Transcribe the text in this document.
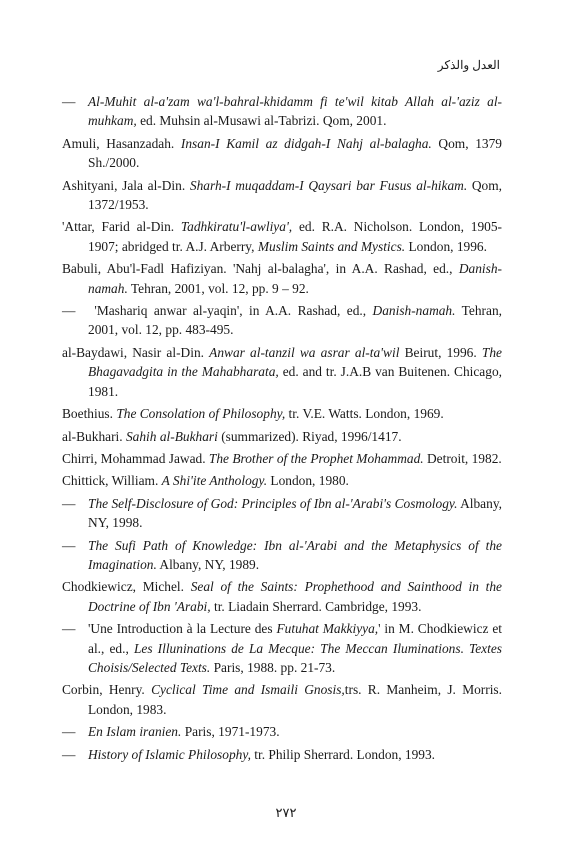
العدل والذكر

— Al-Muhit al-a'zam wa'l-bahral-khidamm fi te'wil kitab Allah al-'aziz al-muhkam, ed. Muhsin al-Musawi al-Tabrizi. Qom, 2001.

Amuli, Hasanzadah. Insan-I Kamil az didgah-I Nahj al-balagha. Qom, 1379 Sh./2000.

Ashityani, Jala al-Din. Sharh-I muqaddam-I Qaysari bar Fusus al-hikam. Qom, 1372/1953.

'Attar, Farid al-Din. Tadhkiratu'l-awliya', ed. R.A. Nicholson. London, 1905-1907; abridged tr. A.J. Arberry, Muslim Saints and Mystics. London, 1996.

Babuli, Abu'l-Fadl Hafiziyan. 'Nahj al-balagha', in A.A. Rashad, ed., Danish-namah. Tehran, 2001, vol. 12, pp. 9 – 92.

— 'Mashariq anwar al-yaqin', in A.A. Rashad, ed., Danish-namah. Tehran, 2001, vol. 12, pp. 483-495.

al-Baydawi, Nasir al-Din. Anwar al-tanzil wa asrar al-ta'wil Beirut, 1996. The Bhagavadgita in the Mahabharata, ed. and tr. J.A.B van Buitenen. Chicago, 1981.

Boethius. The Consolation of Philosophy, tr. V.E. Watts. London, 1969.

al-Bukhari. Sahih al-Bukhari (summarized). Riyad, 1996/1417.

Chirri, Mohammad Jawad. The Brother of the Prophet Mohammad. Detroit, 1982.

Chittick, William. A Shi'ite Anthology. London, 1980.

— The Self-Disclosure of God: Principles of Ibn al-'Arabi's Cosmology. Albany, NY, 1998.

— The Sufi Path of Knowledge: Ibn al-'Arabi and the Metaphysics of the Imagination. Albany, NY, 1989.

Chodkiewicz, Michel. Seal of the Saints: Prophethood and Sainthood in the Doctrine of Ibn 'Arabi, tr. Liadain Sherrard. Cambridge, 1993.

— 'Une Introduction à la Lecture des Futuhat Makkiyya,' in M. Chodkiewicz et al., ed., Les Illuninations de La Mecque: The Meccan Iluminations. Textes Choisis/Selected Texts. Paris, 1988. pp. 21-73.

Corbin, Henry. Cyclical Time and Ismaili Gnosis,trs. R. Manheim, J. Morris. London, 1983.

— En Islam iranien. Paris, 1971-1973.

— History of Islamic Philosophy, tr. Philip Sherrard. London, 1993.

٢٧٢
